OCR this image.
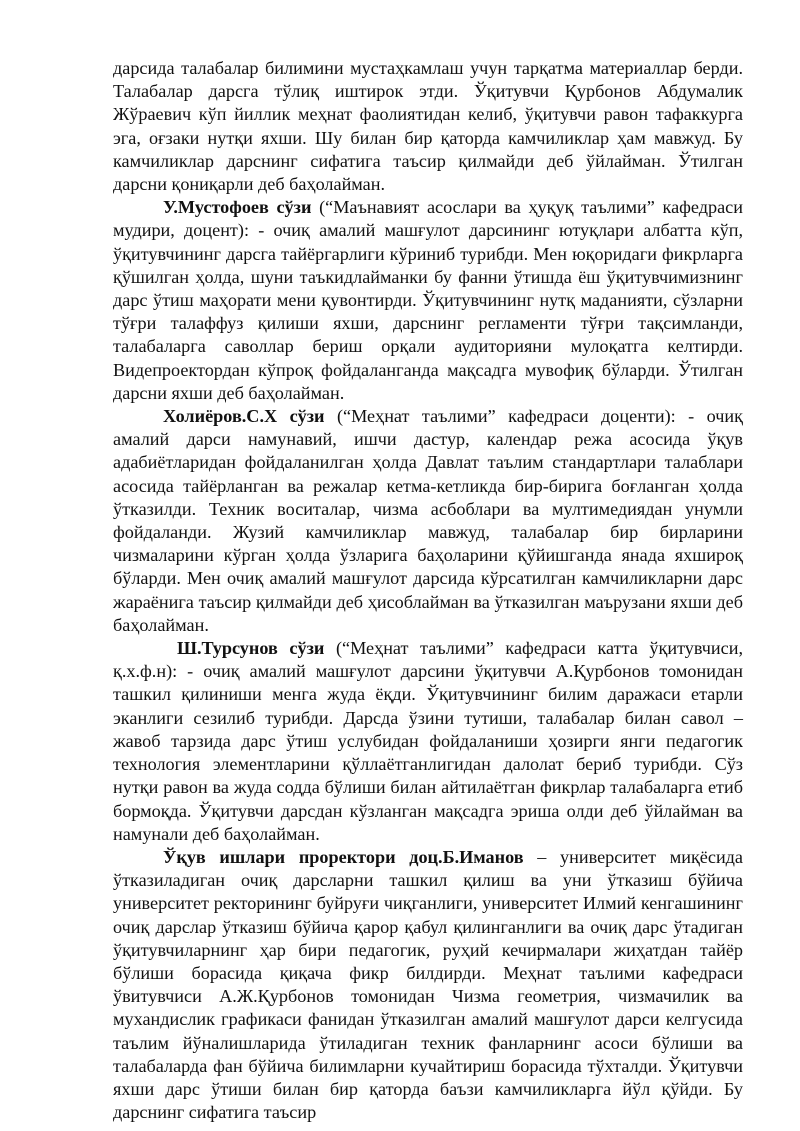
дарсида талабалар билимини мустаҳкамлаш учун тарқатма материаллар берди. Талабалар дарсга тўлиқ иштирок этди. Ўқитувчи Қурбонов Абдумалик Жўраевич кўп йиллик меҳнат фаолиятидан келиб, ўқитувчи равон тафаккурга эга, оғзаки нутқи яхши. Шу билан бир қаторда камчиликлар ҳам мавжуд. Бу камчиликлар дарснинг сифатига таъсир қилмайди деб ўйлайман. Ўтилган дарсни қониқарли деб баҳолайман.

У.Мустофоев сўзи (“Маънавият асослари ва ҳуқуқ таълими” кафедраси мудири, доцент): - очиқ амалий машғулот дарсининг ютуқлари албатта кўп, ўқитувчининг дарсга тайёргарлиги кўриниб турибди. Мен юқоридаги фикрларга қўшилган ҳолда, шуни таъкидлайманки бу фанни ўтишда ёш ўқитувчимизнинг дарс ўтиш маҳорати мени қувонтирди. Ўқитувчининг нутқ маданияти, сўзларни тўғри талаффуз қилиши яхши, дарснинг регламенти тўғри тақсимланди, талабаларга саволлар бериш орқали аудиторияни мулоқатга келтирди. Видепроектордан кўпроқ фойдаланганда мақсадга мувофиқ бўларди. Ўтилган дарсни яхши деб баҳолайман.

Холиёров.С.Х сўзи (“Меҳнат таълими” кафедраси доценти): - очиқ амалий дарси намунавий, ишчи дастур, календар режа асосида ўқув адабиётларидан фойдаланилган ҳолда Давлат таълим стандартлари талаблари асосида тайёрланган ва режалар кетма-кетликда бир-бирига боғланган ҳолда ўтказилди. Техник воситалар, чизма асбоблари ва мултимедиядан унумли фойдаланди. Жузий камчиликлар мавжуд, талабалар бир бирларини чизмаларини кўрган ҳолда ўзларига баҳоларини қўйишганда янада яхшироқ бўларди. Мен очиқ амалий машғулот дарсида кўрсатилган камчиликларни дарс жараёнига таъсир қилмайди деб ҳисоблайман ва ўтказилган маърузани яхши деб баҳолайман.

Ш.Турсунов сўзи (“Меҳнат таълими” кафедраси катта ўқитувчиси, қ.х.ф.н): - очиқ амалий машғулот дарсини ўқитувчи А.Қурбонов томонидан ташкил қилиниши менга жуда ёқди. Ўқитувчининг билим даражаси етарли эканлиги сезилиб турибди. Дарсда ўзини тутиши, талабалар билан савол – жавоб тарзида дарс ўтиш услубидан фойдаланиши ҳозирги янги педагогик технология элементларини қўллаётганлигидан далолат бериб турибди. Сўз нутқи равон ва жуда содда бўлиши билан айтилаётган фикрлар талабаларга етиб бормоқда. Ўқитувчи дарсдан кўзланган мақсадга эриша олди деб ўйлайман ва намунали деб баҳолайман.

Ўқув ишлари проректори доц.Б.Иманов – университет миқёсида ўтказиладиган очиқ дарсларни ташкил қилиш ва уни ўтказиш бўйича университет ректорининг буйруғи чиқганлиги, университет Илмий кенгашининг очиқ дарслар ўтказиш бўйича қарор қабул қилинганлиги ва очиқ дарс ўтадиган ўқитувчиларнинг ҳар бири педагогик, руҳий кечирмалари жиҳатдан тайёр бўлиши борасида қиқача фикр билдирди. Меҳнат таълими кафедраси ўвитувчиси А.Ж.Қурбонов томонидан Чизма геометрия, чизмачилик ва мухандислик графикаси фанидан ўтказилган амалий машғулот дарси келгусида таълим йўналишларида ўтиладиган техник фанларнинг асоси бўлиши ва талабаларда фан бўйича билимларни кучайтириш борасида тўхталди. Ўқитувчи яхши дарс ўтиши билан бир қаторда баъзи камчиликларга йўл қўйди. Бу дарснинг сифатига таъсир
